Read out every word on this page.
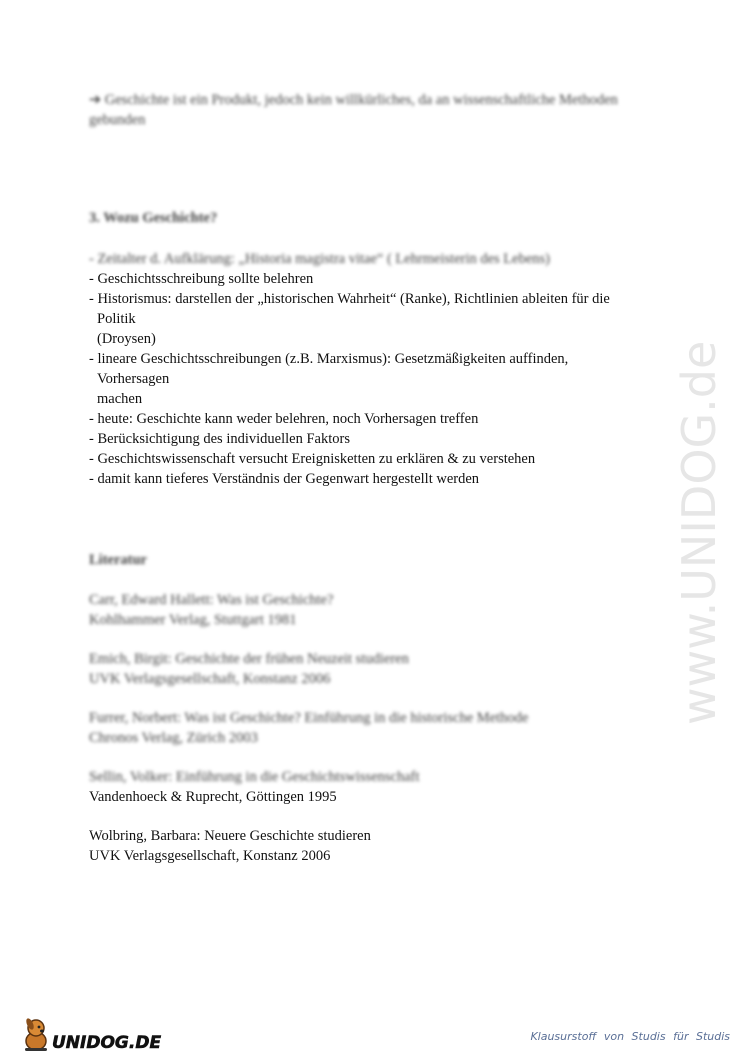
➔ Geschichte ist ein Produkt, jedoch kein willkürliches, da an wissenschaftliche Methoden
gebunden
3. Wozu Geschichte?
- Zeitalter d. Aufklärung: „Historia magistra vitae“ ( Lehrmeisterin des Lebens)
- Geschichtsschreibung sollte belehren
- Historismus: darstellen der „historischen Wahrheit“ (Ranke), Richtlinien ableiten für die
Politik
(Droysen)
- lineare Geschichtsschreibungen (z.B. Marxismus): Gesetzmäßigkeiten auffinden,
Vorhersagen
machen
- heute: Geschichte kann weder belehren, noch Vorhersagen treffen
- Berücksichtigung des individuellen Faktors
- Geschichtswissenschaft versucht Ereignisketten zu erklären & zu verstehen
- damit kann tieferes Verständnis der Gegenwart hergestellt werden
Literatur
Carr, Edward Hallett: Was ist Geschichte?
Kohlhammer Verlag, Stuttgart 1981
Emich, Birgit: Geschichte der frühen Neuzeit studieren
UVK Verlagsgesellschaft, Konstanz 2006
Furrer, Norbert: Was ist Geschichte? Einführung in die historische Methode
Chronos Verlag, Zürich 2003
Sellin, Volker: Einführung in die Geschichtswissenschaft
Vandenhoeck & Ruprecht, Göttingen 1995
Wolbring, Barbara: Neuere Geschichte studieren
UVK Verlagsgesellschaft, Konstanz 2006
www.UNIDOG.de
UNIDOG.DE	Klausurstoff von Studis für Studis
